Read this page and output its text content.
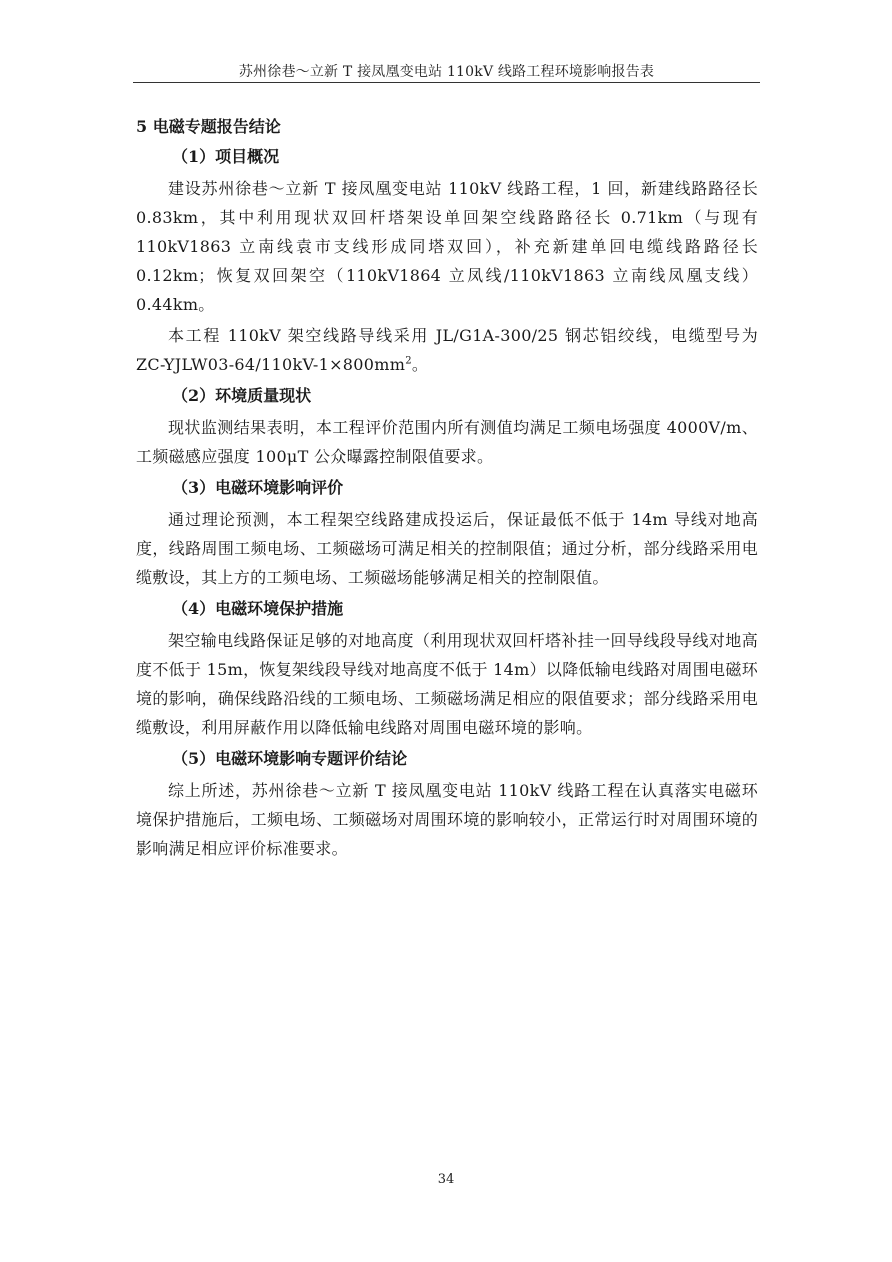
苏州徐巷～立新 T 接凤凰变电站 110kV 线路工程环境影响报告表
5 电磁专题报告结论
（1）项目概况

建设苏州徐巷～立新 T 接凤凰变电站 110kV 线路工程，1 回，新建线路路径长 0.83km，其中利用现状双回杆塔架设单回架空线路路径长 0.71km（与现有 110kV1863 立南线袁市支线形成同塔双回），补充新建单回电缆线路路径长 0.12km；恢复双回架空（110kV1864 立凤线/110kV1863 立南线凤凰支线）0.44km。

本工程 110kV 架空线路导线采用 JL/G1A-300/25 钢芯铝绞线，电缆型号为 $ZC-YJLW03-64/110kV-1\times 800mm^2$。

（2）环境质量现状

现状监测结果表明，本工程评价范围内所有测值均满足工频电场强度 4000V/m、工频磁感应强度 100μT 公众曝露控制限值要求。

（3）电磁环境影响评价

通过理论预测，本工程架空线路建成投运后，保证最低不低于 14m 导线对地高度，线路周围工频电场、工频磁场可满足相关的控制限值；通过分析，部分线路采用电缆敷设，其上方的工频电场、工频磁场能够满足相关的控制限值。

（4）电磁环境保护措施

架空输电线路保证足够的对地高度（利用现状双回杆塔补挂一回导线段导线对地高度不低于 15m，恢复架线段导线对地高度不低于 14m）以降低输电线路对周围电磁环境的影响，确保线路沿线的工频电场、工频磁场满足相应的限值要求；部分线路采用电缆敷设，利用屏蔽作用以降低输电线路对周围电磁环境的影响。

（5）电磁环境影响专题评价结论

综上所述，苏州徐巷～立新 T 接凤凰变电站 110kV 线路工程在认真落实电磁环境保护措施后，工频电场、工频磁场对周围环境的影响较小，正常运行时对周围环境的影响满足相应评价标准要求。

34
